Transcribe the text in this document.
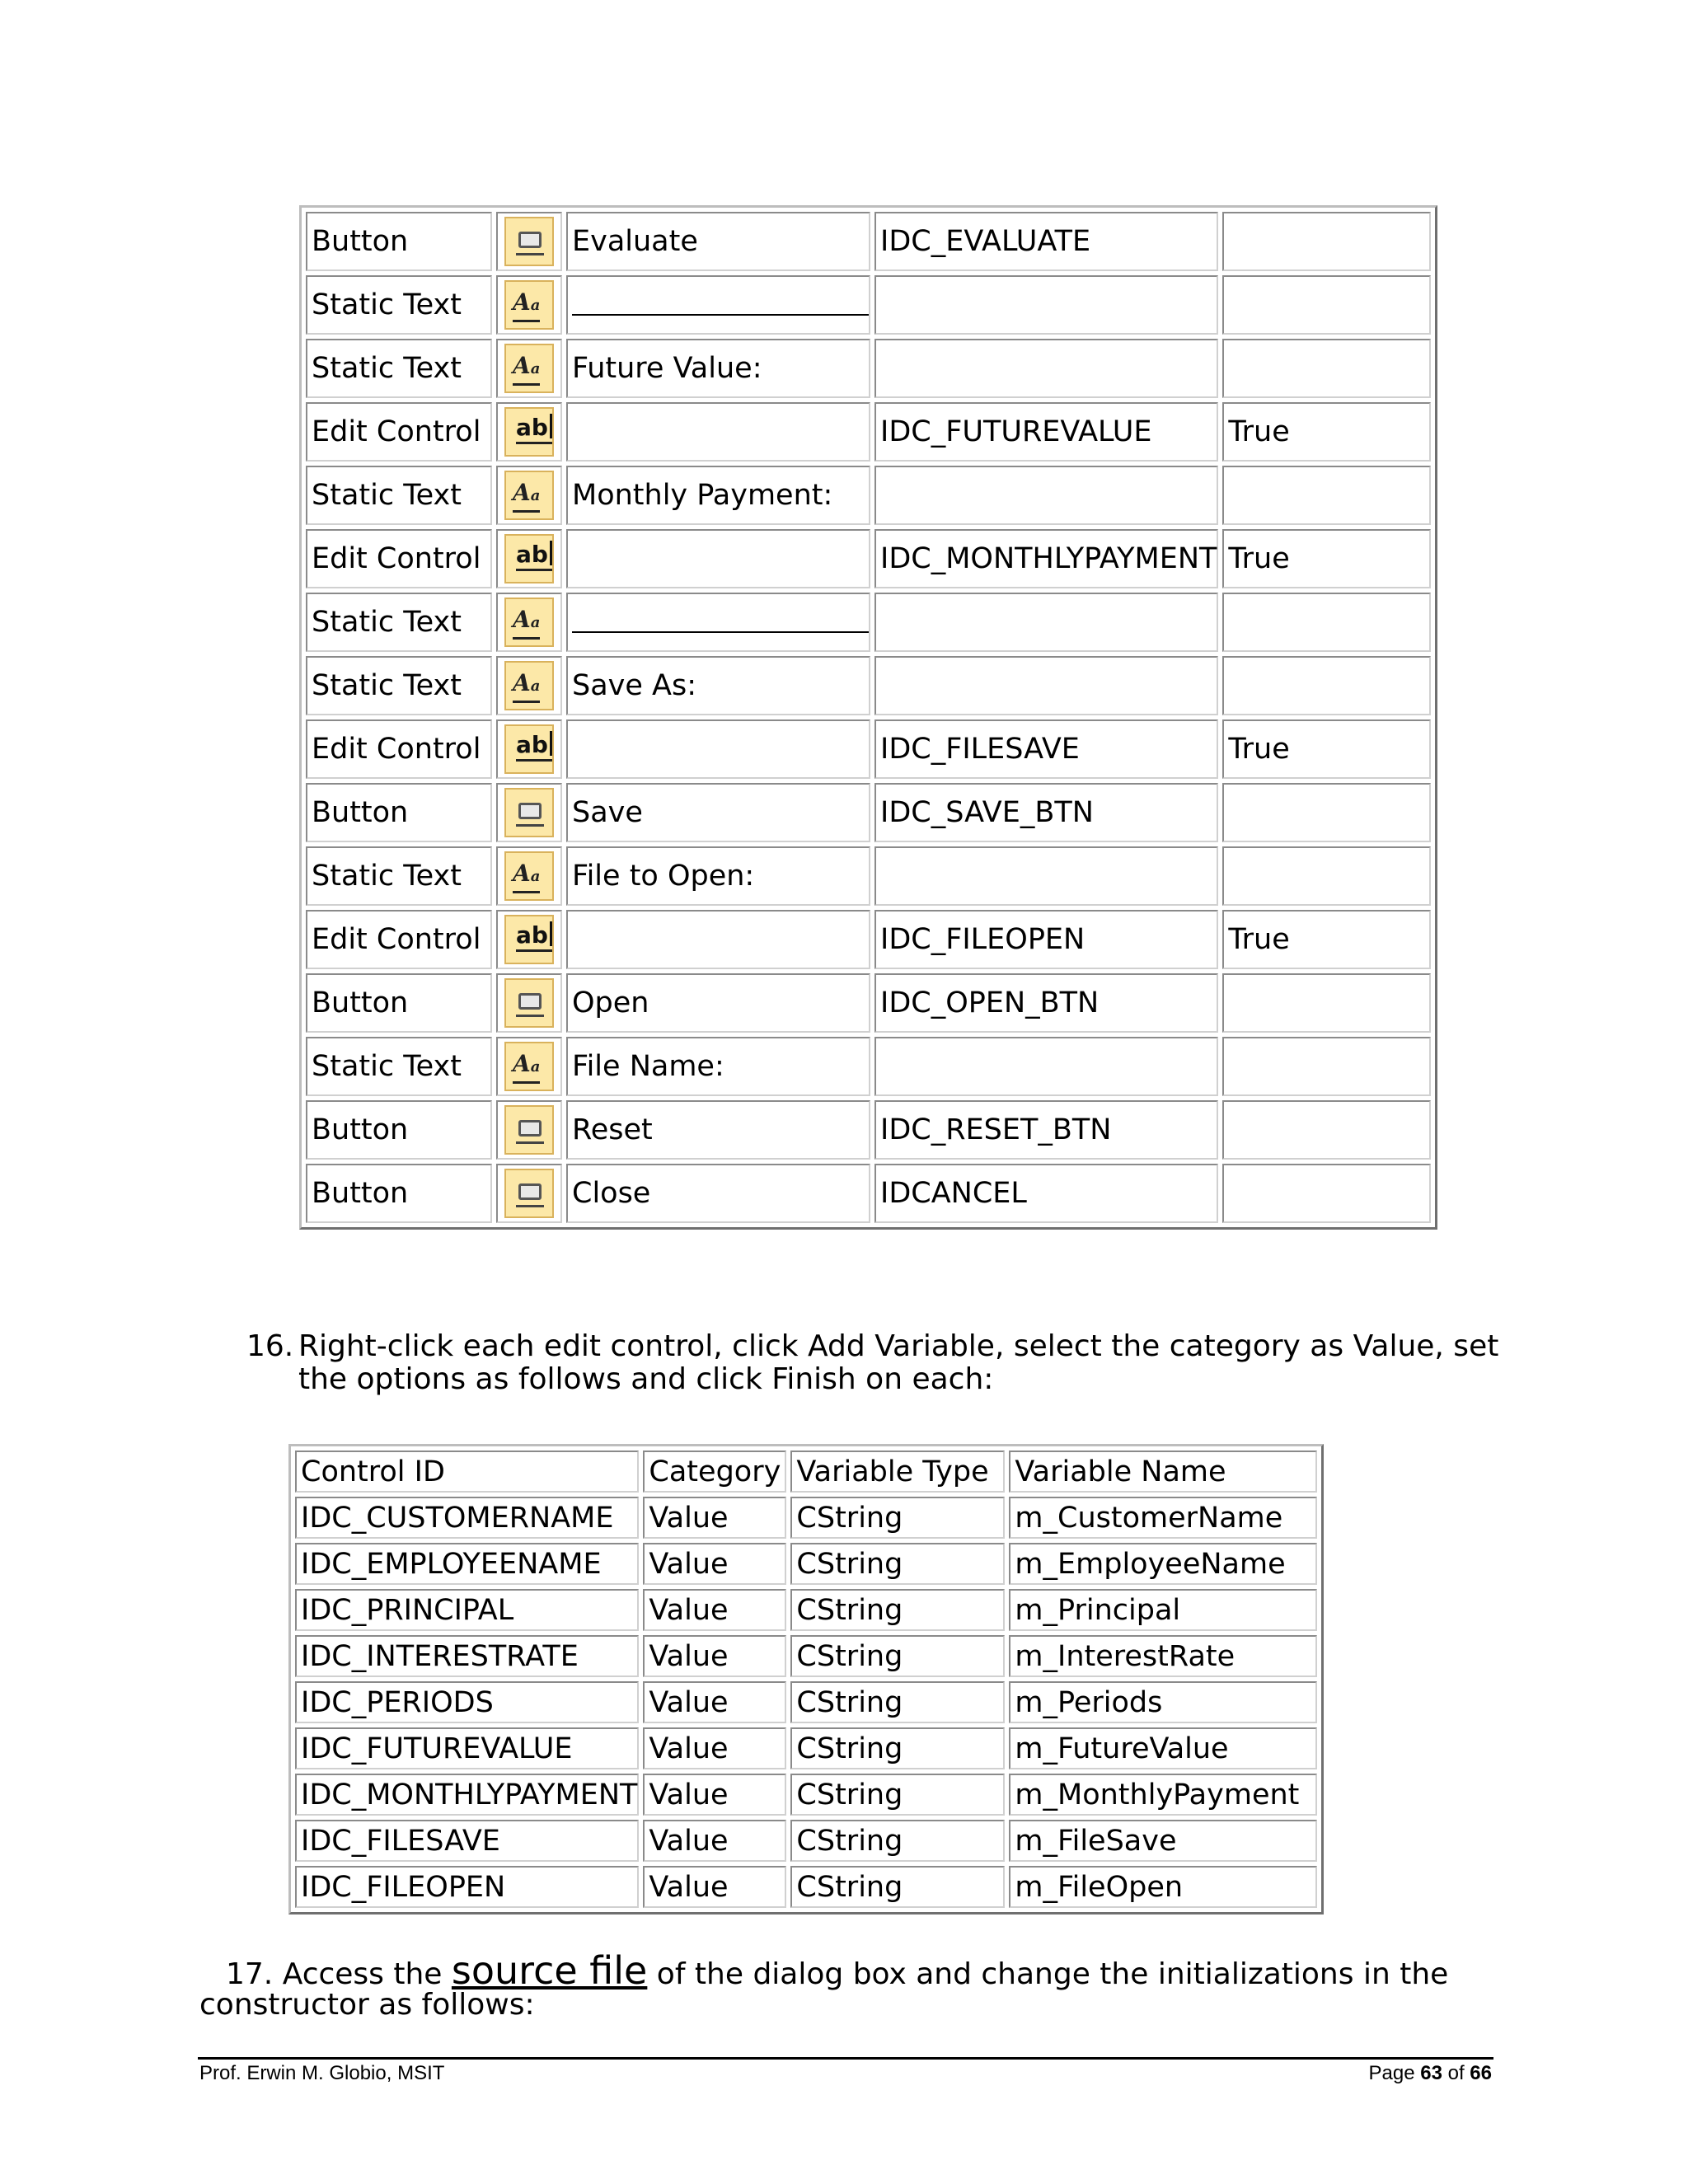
Button		Evaluate	IDC_EVALUATE	
Static Text	Aa			

Static Text	Aa	Future Value:		
Edit Control	ab		IDC_FUTUREVALUE	True
Static Text	Aa	Monthly Payment:		
Edit Control	ab		IDC_MONTHLYPAYMENT	True
Static Text	Aa			

Static Text	Aa	Save As:		
Edit Control	ab		IDC_FILESAVE	True
Button		Save	IDC_SAVE_BTN	
Static Text	Aa	File to Open:		
Edit Control	ab		IDC_FILEOPEN	True
Button		Open	IDC_OPEN_BTN	
Static Text	Aa	File Name:		
Button		Reset	IDC_RESET_BTN	
Button		Close	IDCANCEL	
16. Right-click each edit control, click Add Variable, select the category as Value, set the options as follows and click Finish on each:
Control ID	Category	Variable Type	Variable Name
IDC_CUSTOMERNAME	Value	CString	m_CustomerName
IDC_EMPLOYEENAME	Value	CString	m_EmployeeName
IDC_PRINCIPAL	Value	CString	m_Principal
IDC_INTERESTRATE	Value	CString	m_InterestRate
IDC_PERIODS	Value	CString	m_Periods
IDC_FUTUREVALUE	Value	CString	m_FutureValue
IDC_MONTHLYPAYMENT	Value	CString	m_MonthlyPayment
IDC_FILESAVE	Value	CString	m_FileSave
IDC_FILEOPEN	Value	CString	m_FileOpen
17. Access the source file of the dialog box and change the initializations in the
constructor as follows:
Prof. Erwin M. Globio, MSIT	Page 63 of 66
